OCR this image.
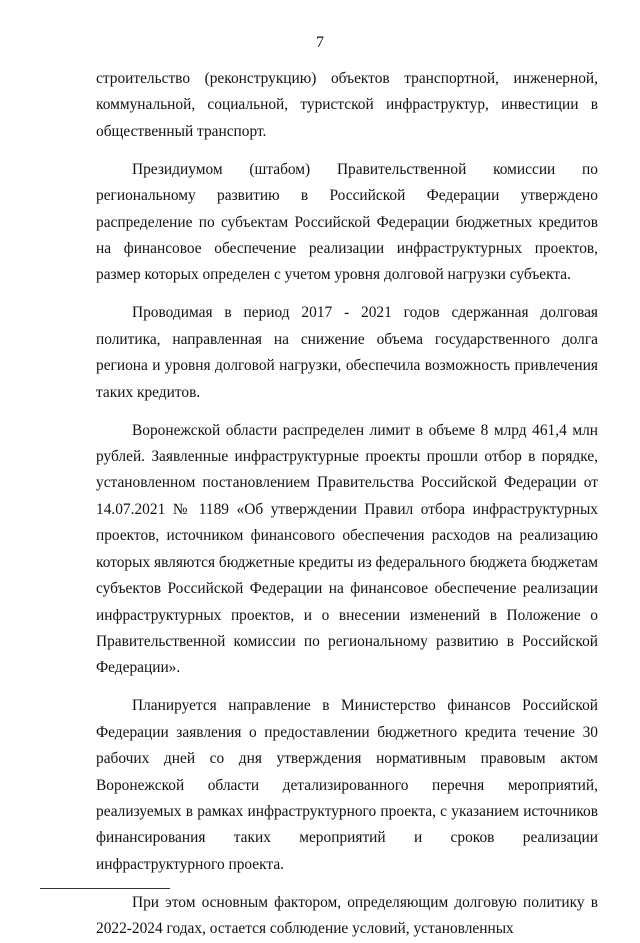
7

строительство (реконструкцию) объектов транспортной, инженерной, коммунальной, социальной, туристской инфраструктур, инвестиции в общественный транспорт.

Президиумом (штабом) Правительственной комиссии по региональному развитию в Российской Федерации утверждено распределение по субъектам Российской Федерации бюджетных кредитов на финансовое обеспечение реализации инфраструктурных проектов, размер которых определен с учетом уровня долговой нагрузки субъекта.

Проводимая в период 2017 - 2021 годов сдержанная долговая политика, направленная на снижение объема государственного долга региона и уровня долговой нагрузки, обеспечила возможность привлечения таких кредитов.

Воронежской области распределен лимит в объеме 8 млрд 461,4 млн рублей. Заявленные инфраструктурные проекты прошли отбор в порядке, установленном постановлением Правительства Российской Федерации от 14.07.2021 № 1189 «Об утверждении Правил отбора инфраструктурных проектов, источником финансового обеспечения расходов на реализацию которых являются бюджетные кредиты из федерального бюджета бюджетам субъектов Российской Федерации на финансовое обеспечение реализации инфраструктурных проектов, и о внесении изменений в Положение о Правительственной комиссии по региональному развитию в Российской Федерации».

Планируется направление в Министерство финансов Российской Федерации заявления о предоставлении бюджетного кредита течение 30 рабочих дней со дня утверждения нормативным правовым актом Воронежской области детализированного перечня мероприятий, реализуемых в рамках инфраструктурного проекта, с указанием источников финансирования таких мероприятий и сроков реализации инфраструктурного проекта.

При этом основным фактором, определяющим долговую политику в 2022-2024 годах, остается соблюдение условий, установленных
